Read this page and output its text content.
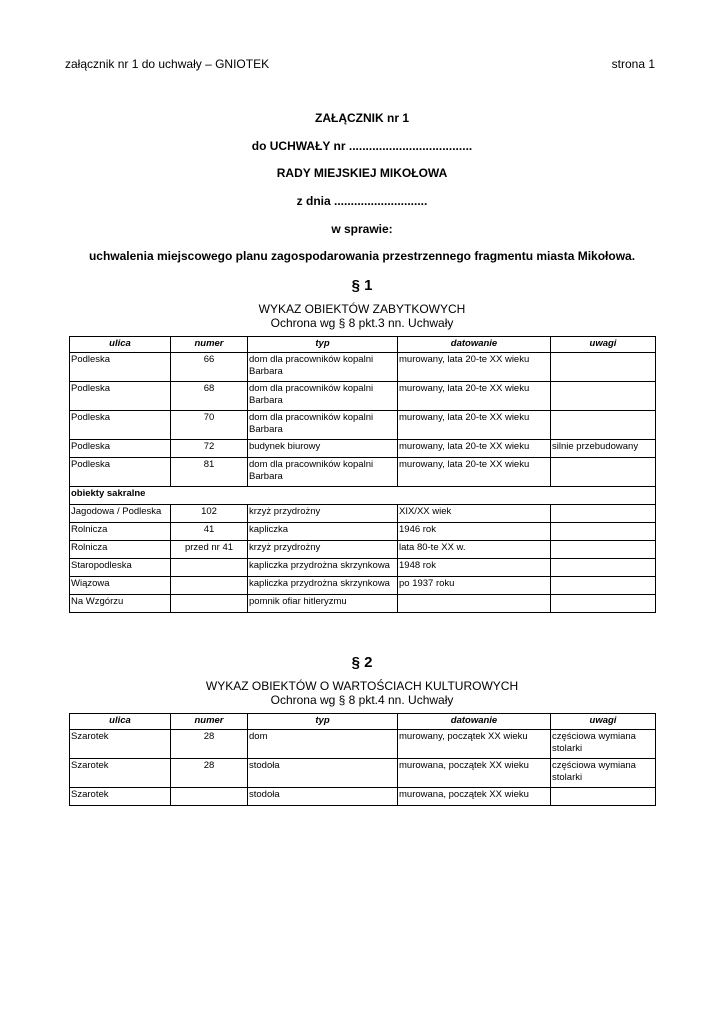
załącznik nr 1 do uchwały – GNIOTEK	strona 1
ZAŁĄCZNIK nr 1
do UCHWAŁY nr .....................................
RADY MIEJSKIEJ MIKOŁOWA
z dnia ............................
w sprawie:
uchwalenia miejscowego planu zagospodarowania przestrzennego fragmentu miasta Mikołowa.
§ 1
WYKAZ OBIEKTÓW ZABYTKOWYCH
Ochrona wg § 8 pkt.3 nn. Uchwały
ulica	numer	typ	datowanie	uwagi
Podleska	66	dom dla pracowników kopalni Barbara	murowany, lata 20-te XX wieku	
Podleska	68	dom dla pracowników kopalni Barbara	murowany, lata 20-te XX wieku	
Podleska	70	dom dla pracowników kopalni Barbara	murowany, lata 20-te XX wieku	
Podleska	72	budynek biurowy	murowany, lata 20-te XX wieku	silnie przebudowany
Podleska	81	dom dla pracowników kopalni Barbara	murowany, lata 20-te XX wieku	
obiekty sakralne				
Jagodowa / Podleska	102	krzyż przydrożny	XIX/XX wiek	
Rolnicza	41	kapliczka	1946 rok	
Rolnicza	przed nr 41	krzyż przydrożny	lata 80-te XX w.	
Staropodleska		kapliczka przydrożna skrzynkowa	1948 rok	
Wiązowa		kapliczka przydrożna skrzynkowa	po 1937 roku	
Na Wzgórzu		pomnik ofiar hitleryzmu		
§ 2
WYKAZ OBIEKTÓW O WARTOŚCIACH KULTUROWYCH
Ochrona wg § 8 pkt.4 nn. Uchwały
ulica	numer	typ	datowanie	uwagi
Szarotek	28	dom	murowany, początek XX wieku	częściowa wymiana stolarki
Szarotek	28	stodoła	murowana, początek XX wieku	częściowa wymiana stolarki
Szarotek		stodoła	murowana, początek XX wieku	
